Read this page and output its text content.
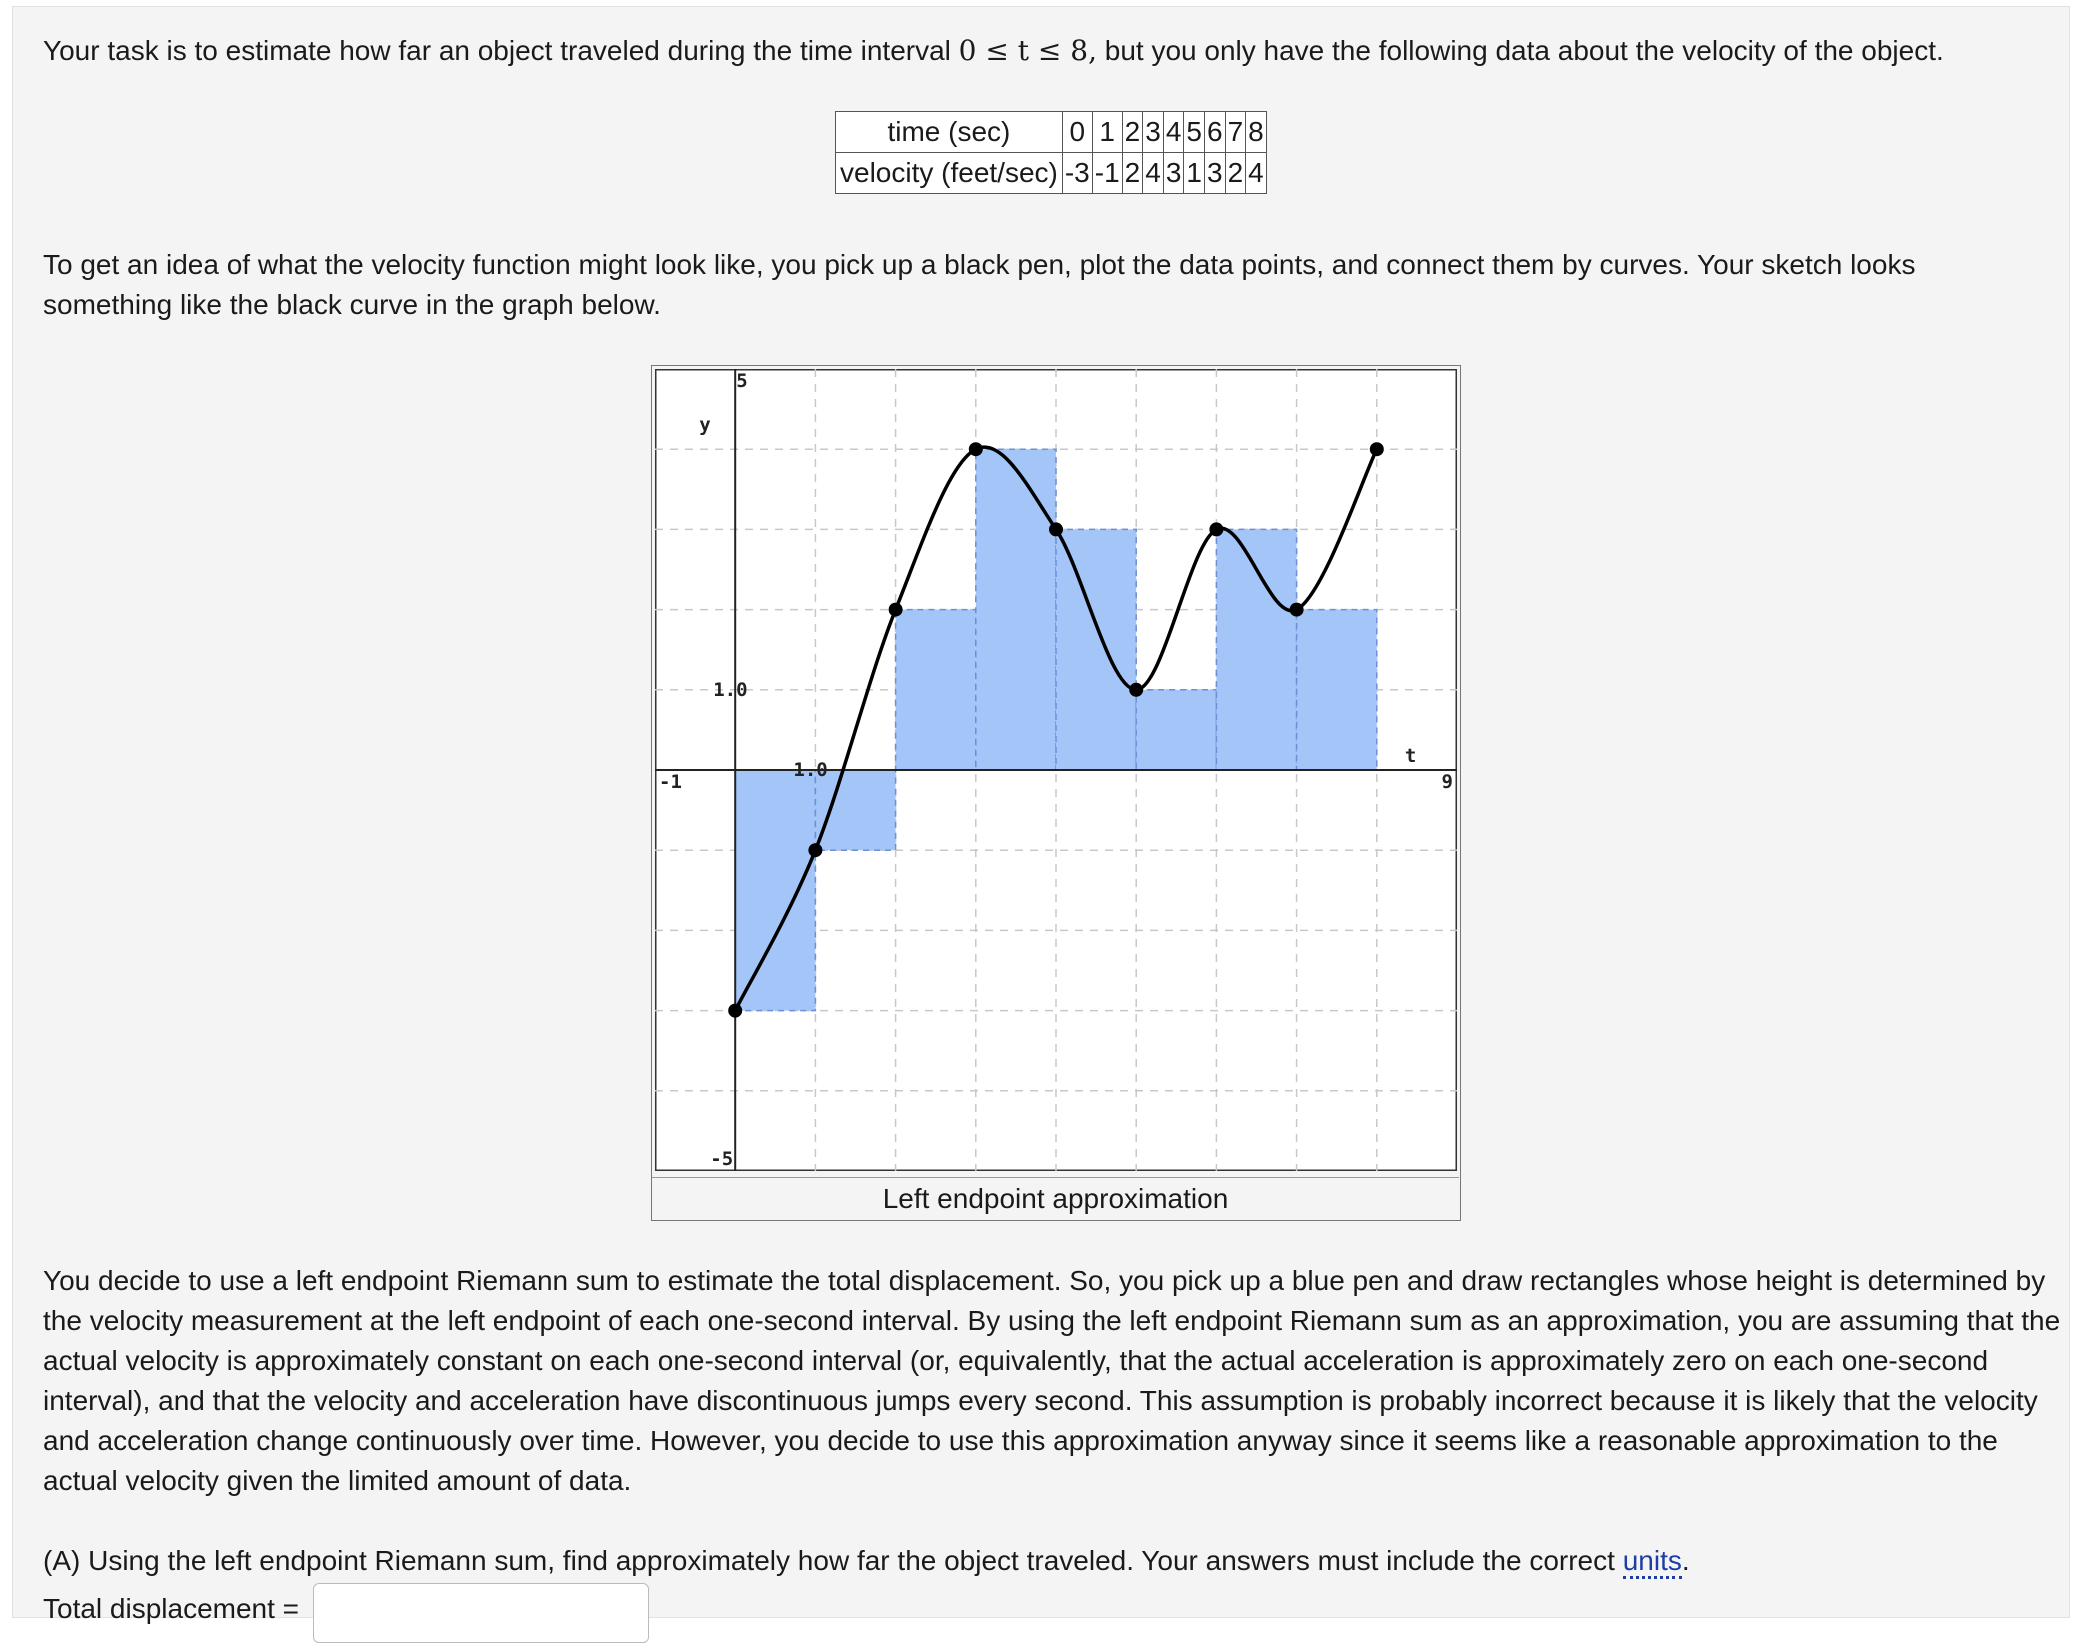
Your task is to estimate how far an object traveled during the time interval 0 ≤ t ≤ 8, but you only have the following data about the velocity of the object.

time (sec)	0	1	2	3	4	5	6	7	8
velocity (feet/sec)	-3	-1	2	4	3	1	3	2	4

To get an idea of what the velocity function might look like, you pick up a black pen, plot the data points, and connect them by curves. Your sketch looks something like the black curve in the graph below.

5
y
1.0
-1
1.0
t
9
-5
Left endpoint approximation

You decide to use a left endpoint Riemann sum to estimate the total displacement. So, you pick up a blue pen and draw rectangles whose height is determined by the velocity measurement at the left endpoint of each one-second interval. By using the left endpoint Riemann sum as an approximation, you are assuming that the actual velocity is approximately constant on each one-second interval (or, equivalently, that the actual acceleration is approximately zero on each one-second interval), and that the velocity and acceleration have discontinuous jumps every second. This assumption is probably incorrect because it is likely that the velocity and acceleration change continuously over time. However, you decide to use this approximation anyway since it seems like a reasonable approximation to the actual velocity given the limited amount of data.

(A) Using the left endpoint Riemann sum, find approximately how far the object traveled. Your answers must include the correct units.

Total displacement =
